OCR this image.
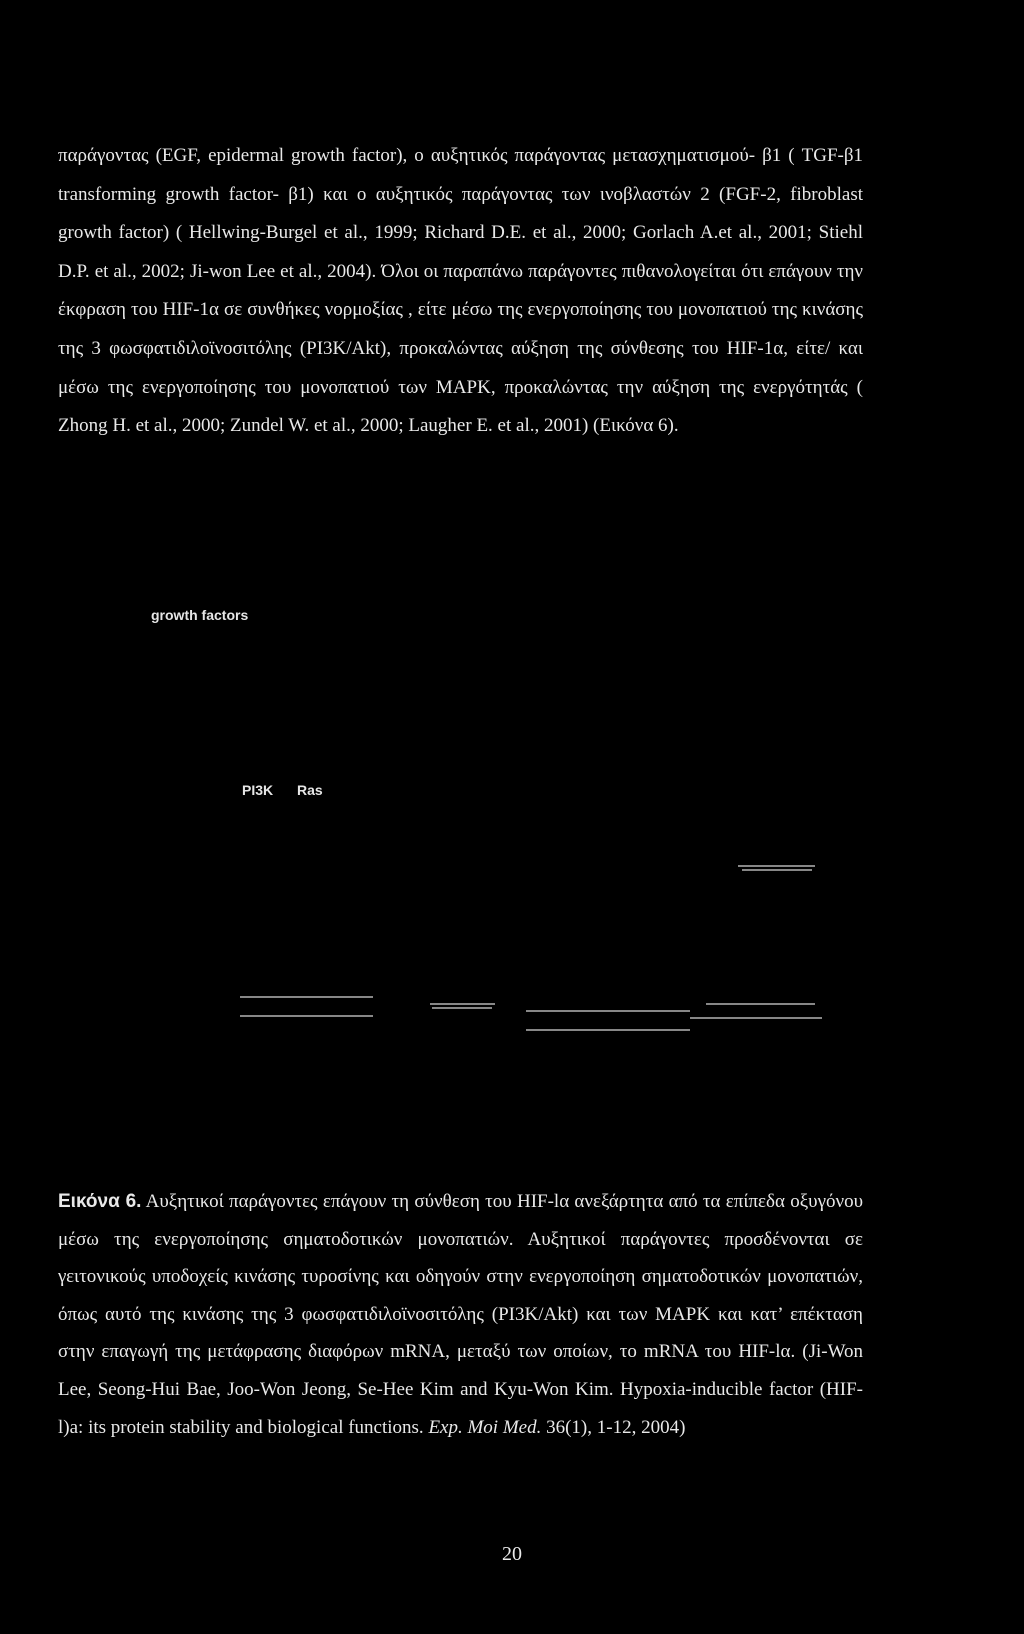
παράγοντας (EGF, epidermal growth factor), ο αυξητικός παράγοντας μετασχηματισμού- β1 ( TGF-β1 transforming growth factor- β1) και ο αυξητικός παράγοντας των ινοβλαστών 2 (FGF-2, fibroblast growth factor) ( Hellwing-Burgel et al., 1999; Richard D.E. et al., 2000; Gorlach A.et al., 2001; Stiehl D.P. et al., 2002; Ji-won Lee et al., 2004). Όλοι οι παραπάνω παράγοντες πιθανολογείται ότι επάγουν την έκφραση του HIF-1α σε συνθήκες νορμοξίας , είτε μέσω της ενεργοποίησης του μονοπατιού της κινάσης της 3 φωσφατιδιλοϊνοσιτόλης (PI3K/Akt), προκαλώντας αύξηση της σύνθεσης του HIF-1α, είτε/ και μέσω της ενεργοποίησης του μονοπατιού των MAPK, προκαλώντας την αύξηση της ενεργότητάς ( Zhong H. et al., 2000; Zundel W. et al., 2000; Laugher E. et al., 2001) (Εικόνα 6).

growth factors
PI3K Ras

Εικόνα 6. Αυξητικοί παράγοντες επάγουν τη σύνθεση του HIF-lα ανεξάρτητα από τα επίπεδα οξυγόνου μέσω της ενεργοποίησης σηματοδοτικών μονοπατιών. Αυξητικοί παράγοντες προσδένονται σε γειτονικούς υποδοχείς κινάσης τυροσίνης και οδηγούν στην ενεργοποίηση σηματοδοτικών μονοπατιών, όπως αυτό της κινάσης της 3 φωσφατιδιλοϊνοσιτόλης (PI3K/Akt) και των MAPK και κατ’ επέκταση στην επαγωγή της μετάφρασης διαφόρων mRNA, μεταξύ των οποίων, το mRNA του HIF-lα. (Ji-Won Lee, Seong-Hui Bae, Joo-Won Jeong, Se-Hee Kim and Kyu-Won Kim. Hypoxia-inducible factor (HIF-l)a: its protein stability and biological functions. Exp. Moi Med. 36(1), 1-12, 2004)

20
